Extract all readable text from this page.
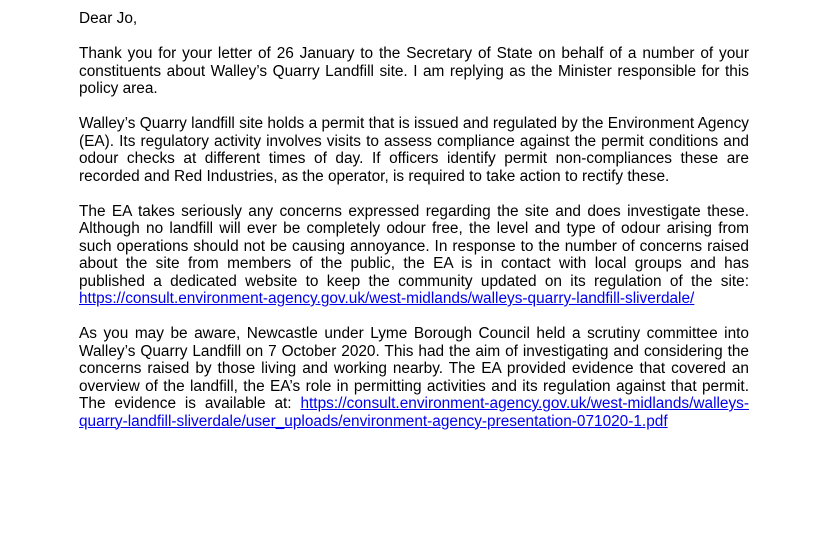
Dear Jo,

Thank you for your letter of 26 January to the Secretary of State on behalf of a number of your constituents about Walley’s Quarry Landfill site. I am replying as the Minister responsible for this policy area.

Walley’s Quarry landfill site holds a permit that is issued and regulated by the Environment Agency (EA). Its regulatory activity involves visits to assess compliance against the permit conditions and odour checks at different times of day. If officers identify permit non-compliances these are recorded and Red Industries, as the operator, is required to take action to rectify these.

The EA takes seriously any concerns expressed regarding the site and does investigate these. Although no landfill will ever be completely odour free, the level and type of odour arising from such operations should not be causing annoyance. In response to the number of concerns raised about the site from members of the public, the EA is in contact with local groups and has published a dedicated website to keep the community updated on its regulation of the site: https://consult.environment-agency.gov.uk/west-midlands/walleys-quarry-landfill-sliverdale/

As you may be aware, Newcastle under Lyme Borough Council held a scrutiny committee into Walley’s Quarry Landfill on 7 October 2020. This had the aim of investigating and considering the concerns raised by those living and working nearby. The EA provided evidence that covered an overview of the landfill, the EA’s role in permitting activities and its regulation against that permit. The evidence is available at: https://consult.environment-agency.gov.uk/west-midlands/walleys-quarry-landfill-sliverdale/user_uploads/environment-agency-presentation-071020-1.pdf
